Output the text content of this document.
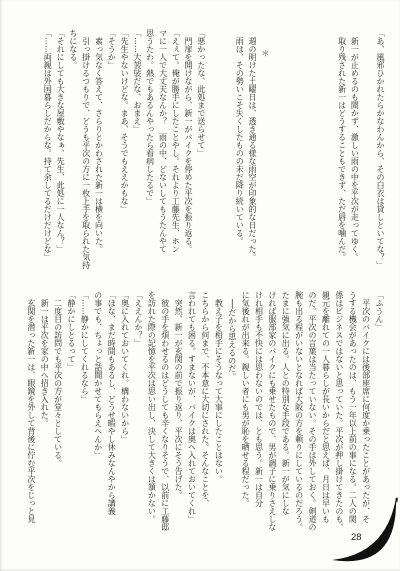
「あ、風邪ひかれたらかなわんから、その白衣は貸しといてな？」
新一が止めるのも聞かず、激しい雨の中を平次が走ってゆく。
取り残された新一はどうすることもできず、ただ唇を噛んだ。
＊
週の明けた土曜日は、透き通る様な雨空が印象的な日だった。
雨は、その勢いこそ失くしたものの未だ降り続いている。
「悪かったな、此処まで送らせて」
門扉を開けながら、新一がバイクを停めた平次を振り返る。
「えぇて。俺が勝手にしたことやし。それより工藤先生、ホン
マに一人で大丈夫なんか？　雨の中、どないしてもうたんやて
思うたわ。熱でもあるんやったら看病したるで」
「……大袈裟だな、おまえ」
「先生やないけどな。まあ、そうでもええかもな」
「そうか」
素っ気なく答えて、さらりとかわされた新一は横を向いた。
引っ掛けるつもりで、どうも平次の方に一枚上手を取られた気持
ちになる。
「それにしても大きな屋敷やなぁ、先生、此処に一人なん？」
「……両親は外国暮らしだからな。持て余してるだけだけどな」
「ふうん」
平次のバイクには後部座席に何度か乗ったことがあったが、そ
うする機会があったのは、もう一年以上前の事になる。二人の関
係はビジネスではないと思っていた。平次が押し掛けてきたのも、
親元を離れての一人暮らしが長いからだと思えば、月日は早いも
のだ。平次の言葉は当たっていない。その手は外しておく。剣道の
腕も出る程がいないとなれば大阪の方を頼りにしているのだろう。
たまに強気に出る。人との特別な手段である。新一が気にしな
ければ服部家のバイクにも乗せたもので、男が調子に乗りさえしな
けれ相手も不快には思わないのでは、とも思う。新一は自分
に気後れが出来る。親しい者にも男が恥を晒せる程だった。
──だから思えるのだ。
教え子を相手にそうなって大事にしたことはない。
こちらから何まで、不本意に大切にされた。そんなことを、
言われても困る。すまないが、バイクは奥へ入れておいてくれ」
突然、新一が玄関の前で振り返り、平次にそう告げた。
彼の手を煩わせるのはどうしても辛くなりそうで、以前に工藤邸
を訪れた際の記憶を平次は思い出し、決して大きくは頷かない。
「ええんか？」
「奥に入れておいてくれ。構わないから」
「ほな、まだ時間もあるし、どうせ暇やし休みなんやから講義
の事でも、ちょっと話聞かせてもらえへんか」
「……静かにしてくれるなら」
「静かにしとるって」
二度目の訪問でも平次の方が堂々としている。
新一は平次を家の中へ招き入れた。
玄関を潜った新一は、眼鏡を外して背後に佇む平次をじっと見
28
